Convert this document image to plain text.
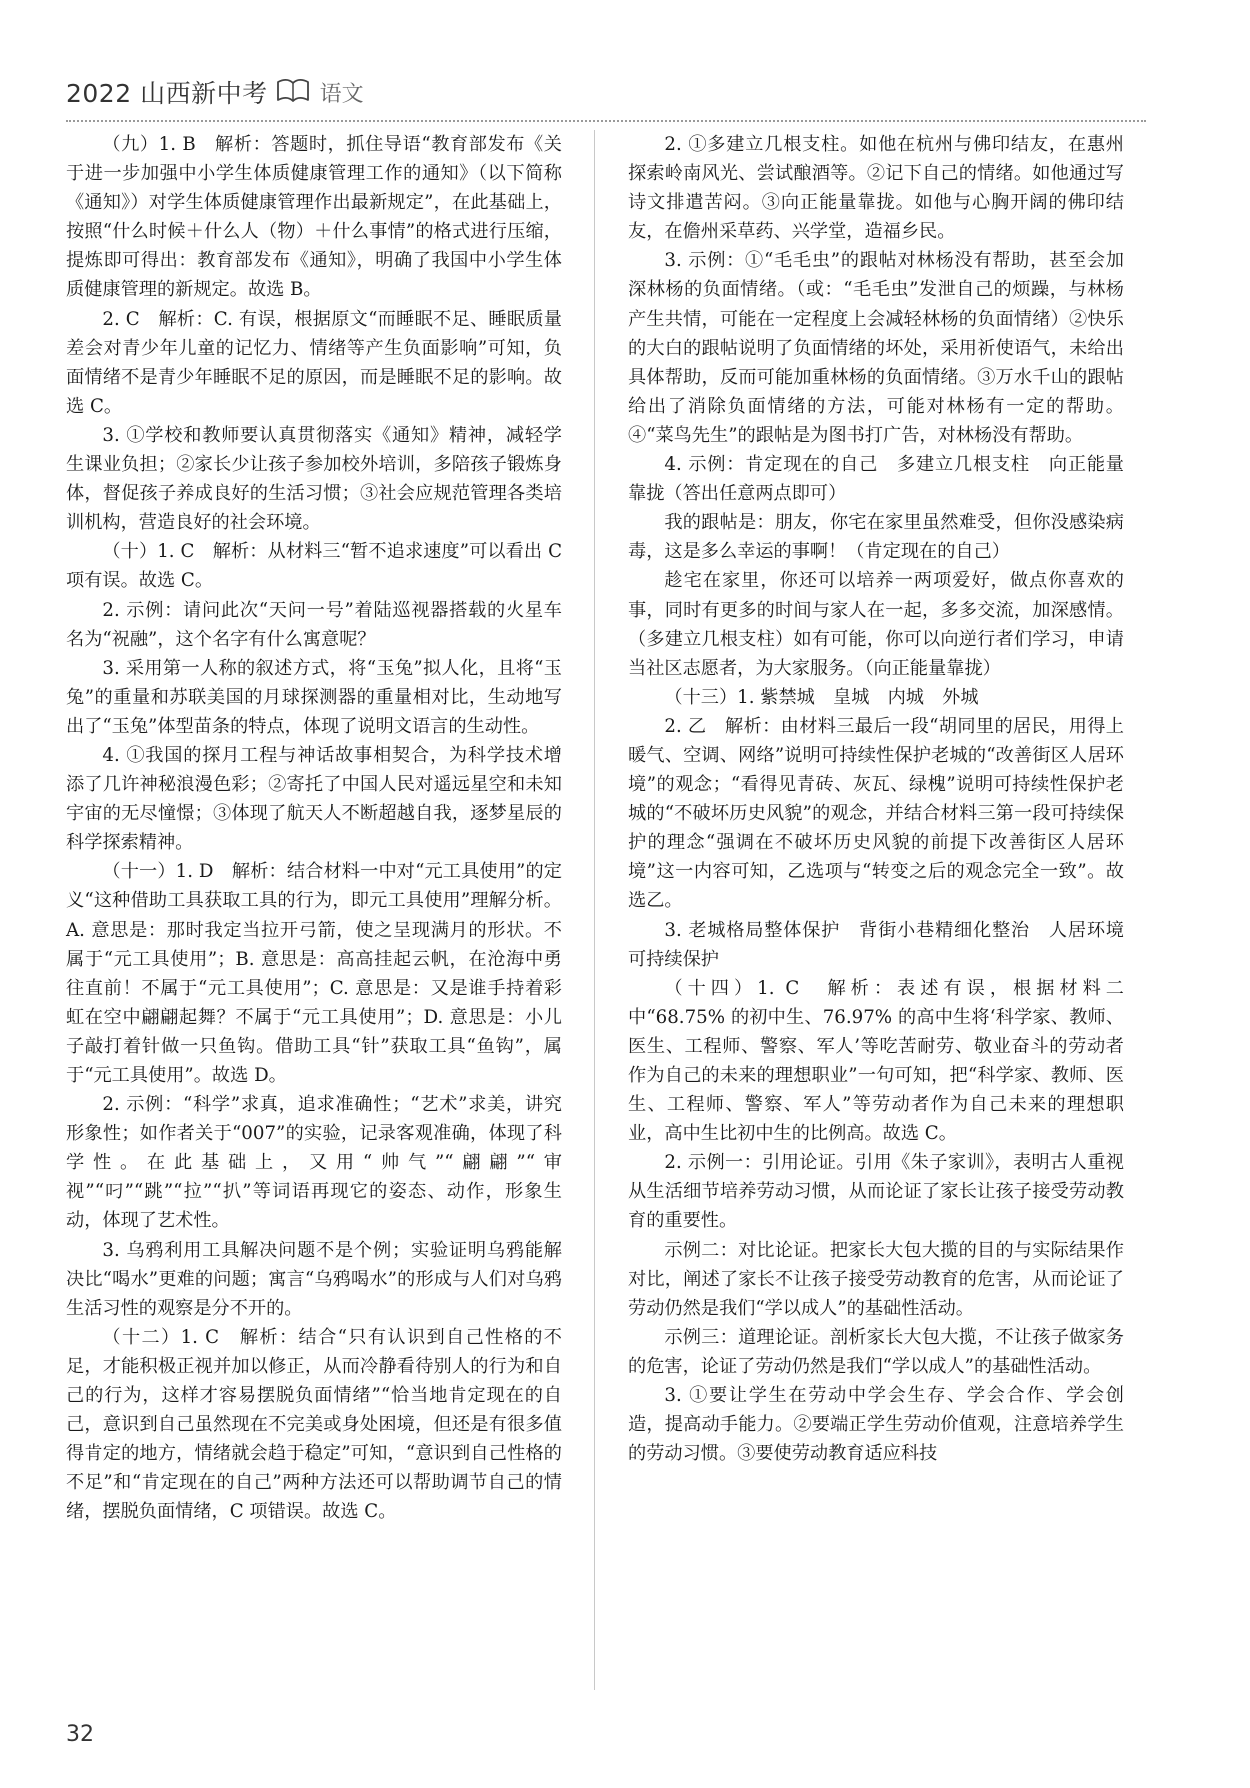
2022 山西新中考 语文

（九）1. B　解析：答题时，抓住导语“教育部发布《关于进一步加强中小学生体质健康管理工作的通知》（以下简称《通知》）对学生体质健康管理作出最新规定”，在此基础上，按照“什么时候＋什么人（物）＋什么事情”的格式进行压缩，提炼即可得出：教育部发布《通知》，明确了我国中小学生体质健康管理的新规定。故选 B。

2. C　解析：C. 有误，根据原文“而睡眠不足、睡眠质量差会对青少年儿童的记忆力、情绪等产生负面影响”可知，负面情绪不是青少年睡眠不足的原因，而是睡眠不足的影响。故选 C。

3. ①学校和教师要认真贯彻落实《通知》精神，减轻学生课业负担；②家长少让孩子参加校外培训，多陪孩子锻炼身体，督促孩子养成良好的生活习惯；③社会应规范管理各类培训机构，营造良好的社会环境。

（十）1. C　解析：从材料三“暂不追求速度”可以看出 C 项有误。故选 C。

2. 示例：请问此次“天问一号”着陆巡视器搭载的火星车名为“祝融”，这个名字有什么寓意呢？

3. 采用第一人称的叙述方式，将“玉兔”拟人化，且将“玉兔”的重量和苏联美国的月球探测器的重量相对比，生动地写出了“玉兔”体型苗条的特点，体现了说明文语言的生动性。

4. ①我国的探月工程与神话故事相契合，为科学技术增添了几许神秘浪漫色彩；②寄托了中国人民对遥远星空和未知宇宙的无尽憧憬；③体现了航天人不断超越自我，逐梦星辰的科学探索精神。

（十一）1. D　解析：结合材料一中对“元工具使用”的定义“这种借助工具获取工具的行为，即元工具使用”理解分析。A. 意思是：那时我定当拉开弓箭，使之呈现满月的形状。不属于“元工具使用”；B. 意思是：高高挂起云帆，在沧海中勇往直前！不属于“元工具使用”；C. 意思是：又是谁手持着彩虹在空中翩翩起舞？不属于“元工具使用”；D. 意思是：小儿子敲打着针做一只鱼钩。借助工具“针”获取工具“鱼钩”，属于“元工具使用”。故选 D。

2. 示例：“科学”求真，追求准确性；“艺术”求美，讲究形象性；如作者关于“007”的实验，记录客观准确，体现了科学性。在此基础上，又用“帅气”“翩翩”“审视”“叼”“跳”“拉”“扒”等词语再现它的姿态、动作，形象生动，体现了艺术性。

3. 乌鸦利用工具解决问题不是个例；实验证明乌鸦能解决比“喝水”更难的问题；寓言“乌鸦喝水”的形成与人们对乌鸦生活习性的观察是分不开的。

（十二）1. C　解析：结合“只有认识到自己性格的不足，才能积极正视并加以修正，从而冷静看待别人的行为和自己的行为，这样才容易摆脱负面情绪”“恰当地肯定现在的自己，意识到自己虽然现在不完美或身处困境，但还是有很多值得肯定的地方，情绪就会趋于稳定”可知，“意识到自己性格的不足”和“肯定现在的自己”两种方法还可以帮助调节自己的情绪，摆脱负面情绪，C 项错误。故选 C。

2. ①多建立几根支柱。如他在杭州与佛印结友，在惠州探索岭南风光、尝试酿酒等。②记下自己的情绪。如他通过写诗文排遣苦闷。③向正能量靠拢。如他与心胸开阔的佛印结友，在儋州采草药、兴学堂，造福乡民。

3. 示例：①“毛毛虫”的跟帖对林杨没有帮助，甚至会加深林杨的负面情绪。（或：“毛毛虫”发泄自己的烦躁，与林杨产生共情，可能在一定程度上会减轻林杨的负面情绪）②快乐的大白的跟帖说明了负面情绪的坏处，采用祈使语气，未给出具体帮助，反而可能加重林杨的负面情绪。③万水千山的跟帖给出了消除负面情绪的方法，可能对林杨有一定的帮助。④“菜鸟先生”的跟帖是为图书打广告，对林杨没有帮助。

4. 示例：肯定现在的自己　多建立几根支柱　向正能量靠拢（答出任意两点即可）

我的跟帖是：朋友，你宅在家里虽然难受，但你没感染病毒，这是多么幸运的事啊！（肯定现在的自己）

趁宅在家里，你还可以培养一两项爱好，做点你喜欢的事，同时有更多的时间与家人在一起，多多交流，加深感情。（多建立几根支柱）如有可能，你可以向逆行者们学习，申请当社区志愿者，为大家服务。（向正能量靠拢）

（十三）1. 紫禁城　皇城　内城　外城

2. 乙　解析：由材料三最后一段“胡同里的居民，用得上暖气、空调、网络”说明可持续性保护老城的“改善街区人居环境”的观念；“看得见青砖、灰瓦、绿槐”说明可持续性保护老城的“不破坏历史风貌”的观念，并结合材料三第一段可持续保护的理念“强调在不破坏历史风貌的前提下改善街区人居环境”这一内容可知，乙选项与“转变之后的观念完全一致”。故选乙。

3. 老城格局整体保护　背街小巷精细化整治　人居环境可持续保护

（十四）1. C　解析：表述有误，根据材料二中“68.75% 的初中生、76.97% 的高中生将‘科学家、教师、医生、工程师、警察、军人’等吃苦耐劳、敬业奋斗的劳动者作为自己的未来的理想职业”一句可知，把“科学家、教师、医生、工程师、警察、军人”等劳动者作为自己未来的理想职业，高中生比初中生的比例高。故选 C。

2. 示例一：引用论证。引用《朱子家训》，表明古人重视从生活细节培养劳动习惯，从而论证了家长让孩子接受劳动教育的重要性。

示例二：对比论证。把家长大包大揽的目的与实际结果作对比，阐述了家长不让孩子接受劳动教育的危害，从而论证了劳动仍然是我们“学以成人”的基础性活动。

示例三：道理论证。剖析家长大包大揽，不让孩子做家务的危害，论证了劳动仍然是我们“学以成人”的基础性活动。

3. ①要让学生在劳动中学会生存、学会合作、学会创造，提高动手能力。②要端正学生劳动价值观，注意培养学生的劳动习惯。③要使劳动教育适应科技

32
